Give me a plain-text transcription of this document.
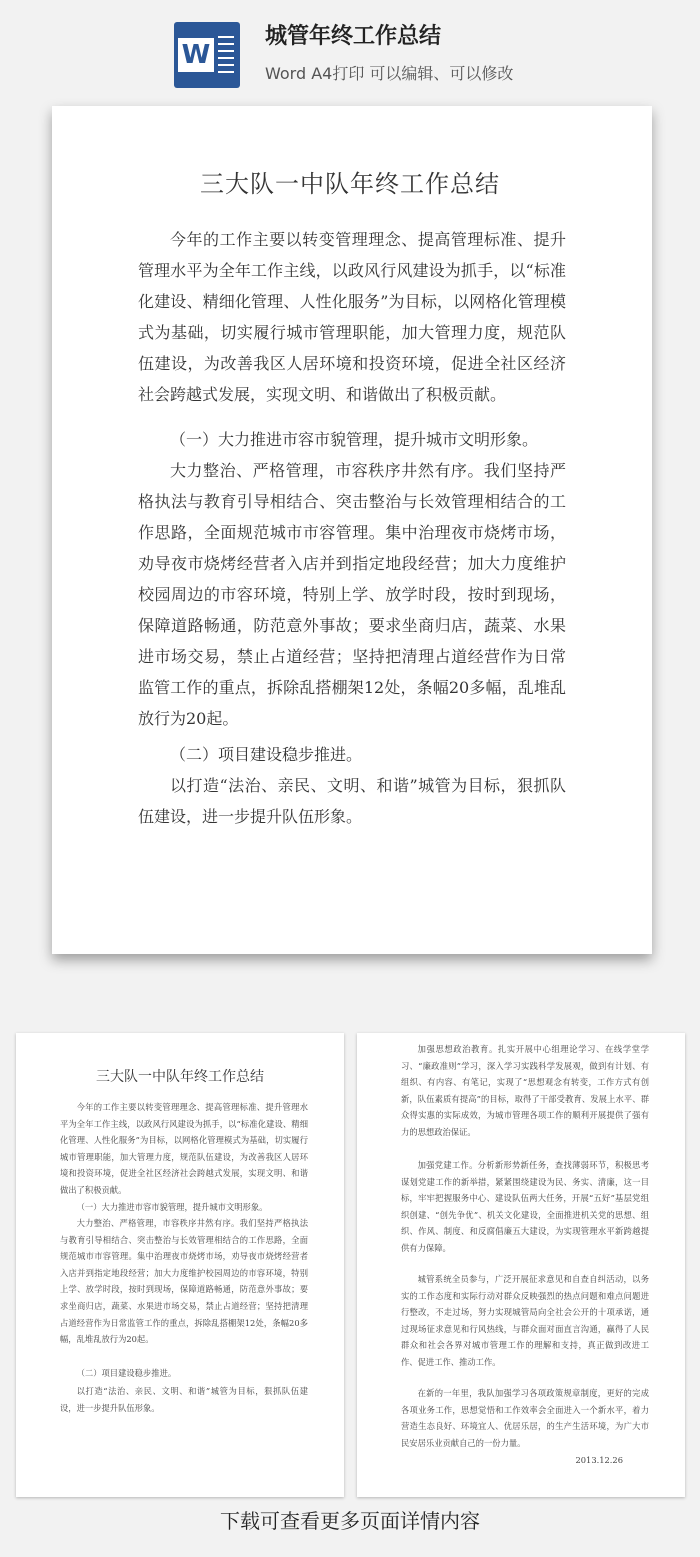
W
城管年终工作总结
Word A4打印 可以编辑、可以修改
三大队一中队年终工作总结

今年的工作主要以转变管理理念、提高管理标准、提升管理水平为全年工作主线，以政风行风建设为抓手，以“标准化建设、精细化管理、人性化服务”为目标，以网格化管理模式为基础，切实履行城市管理职能，加大管理力度，规范队伍建设，为改善我区人居环境和投资环境，促进全社区经济社会跨越式发展，实现文明、和谐做出了积极贡献。

（一）大力推进市容市貌管理，提升城市文明形象。

大力整治、严格管理，市容秩序井然有序。我们坚持严格执法与教育引导相结合、突击整治与长效管理相结合的工作思路，全面规范城市市容管理。集中治理夜市烧烤市场，劝导夜市烧烤经营者入店并到指定地段经营；加大力度维护校园周边的市容环境，特别上学、放学时段，按时到现场，保障道路畅通，防范意外事故；要求坐商归店，蔬菜、水果进市场交易，禁止占道经营；坚持把清理占道经营作为日常监管工作的重点，拆除乱搭棚架12处，条幅20多幅，乱堆乱放行为20起。

（二）项目建设稳步推进。

以打造“法治、亲民、文明、和谐”城管为目标，狠抓队伍建设，进一步提升队伍形象。

三大队一中队年终工作总结

今年的工作主要以转变管理理念、提高管理标准、提升管理水平为全年工作主线，以政风行风建设为抓手，以“标准化建设、精细化管理、人性化服务”为目标，以网格化管理模式为基础，切实履行城市管理职能，加大管理力度，规范队伍建设，为改善我区人居环境和投资环境，促进全社区经济社会跨越式发展，实现文明、和谐做出了积极贡献。

（一）大力推进市容市貌管理，提升城市文明形象。

大力整治、严格管理，市容秩序井然有序。我们坚持严格执法与教育引导相结合、突击整治与长效管理相结合的工作思路，全面规范城市市容管理。集中治理夜市烧烤市场，劝导夜市烧烤经营者入店并到指定地段经营；加大力度维护校园周边的市容环境，特别上学、放学时段，按时到现场，保障道路畅通，防范意外事故；要求坐商归店，蔬菜、水果进市场交易，禁止占道经营；坚持把清理占道经营作为日常监管工作的重点，拆除乱搭棚架12处，条幅20多幅，乱堆乱放行为20起。

（二）项目建设稳步推进。

以打造“法治、亲民、文明、和谐”城管为目标，狠抓队伍建设，进一步提升队伍形象。

加强思想政治教育。扎实开展中心组理论学习、在线学堂学习、“廉政准则”学习，深入学习实践科学发展观，做到有计划、有组织、有内容、有笔记，实现了“思想观念有转变，工作方式有创新，队伍素质有提高”的目标，取得了干部受教育、发展上水平、群众得实惠的实际成效，为城市管理各项工作的顺利开展提供了强有力的思想政治保证。

加强党建工作。分析新形势新任务，查找薄弱环节，积极思考谋划党建工作的新举措，紧紧围绕建设为民、务实、清廉，这一目标，牢牢把握服务中心、建设队伍两大任务，开展“五好”基层党组织创建、“创先争优”、机关文化建设，全面推进机关党的思想、组织、作风、制度、和反腐倡廉五大建设，为实现管理水平新跨越提供有力保障。

城管系统全员参与，广泛开展征求意见和自查自纠活动，以务实的工作态度和实际行动对群众反映强烈的热点问题和难点问题进行整改，不走过场，努力实现城管局向全社会公开的十项承诺，通过现场征求意见和行风热线，与群众面对面直言沟通，赢得了人民群众和社会各界对城市管理工作的理解和支持，真正做到改进工作、促进工作、推动工作。

在新的一年里，我队加强学习各项政策规章制度，更好的完成各项业务工作，思想觉悟和工作效率会全面进入一个新水平，着力营造生态良好、环境宜人、优居乐居，的生产生活环境，为广大市民安居乐业贡献自己的一份力量。

2013.12.26
下载可查看更多页面详情内容
